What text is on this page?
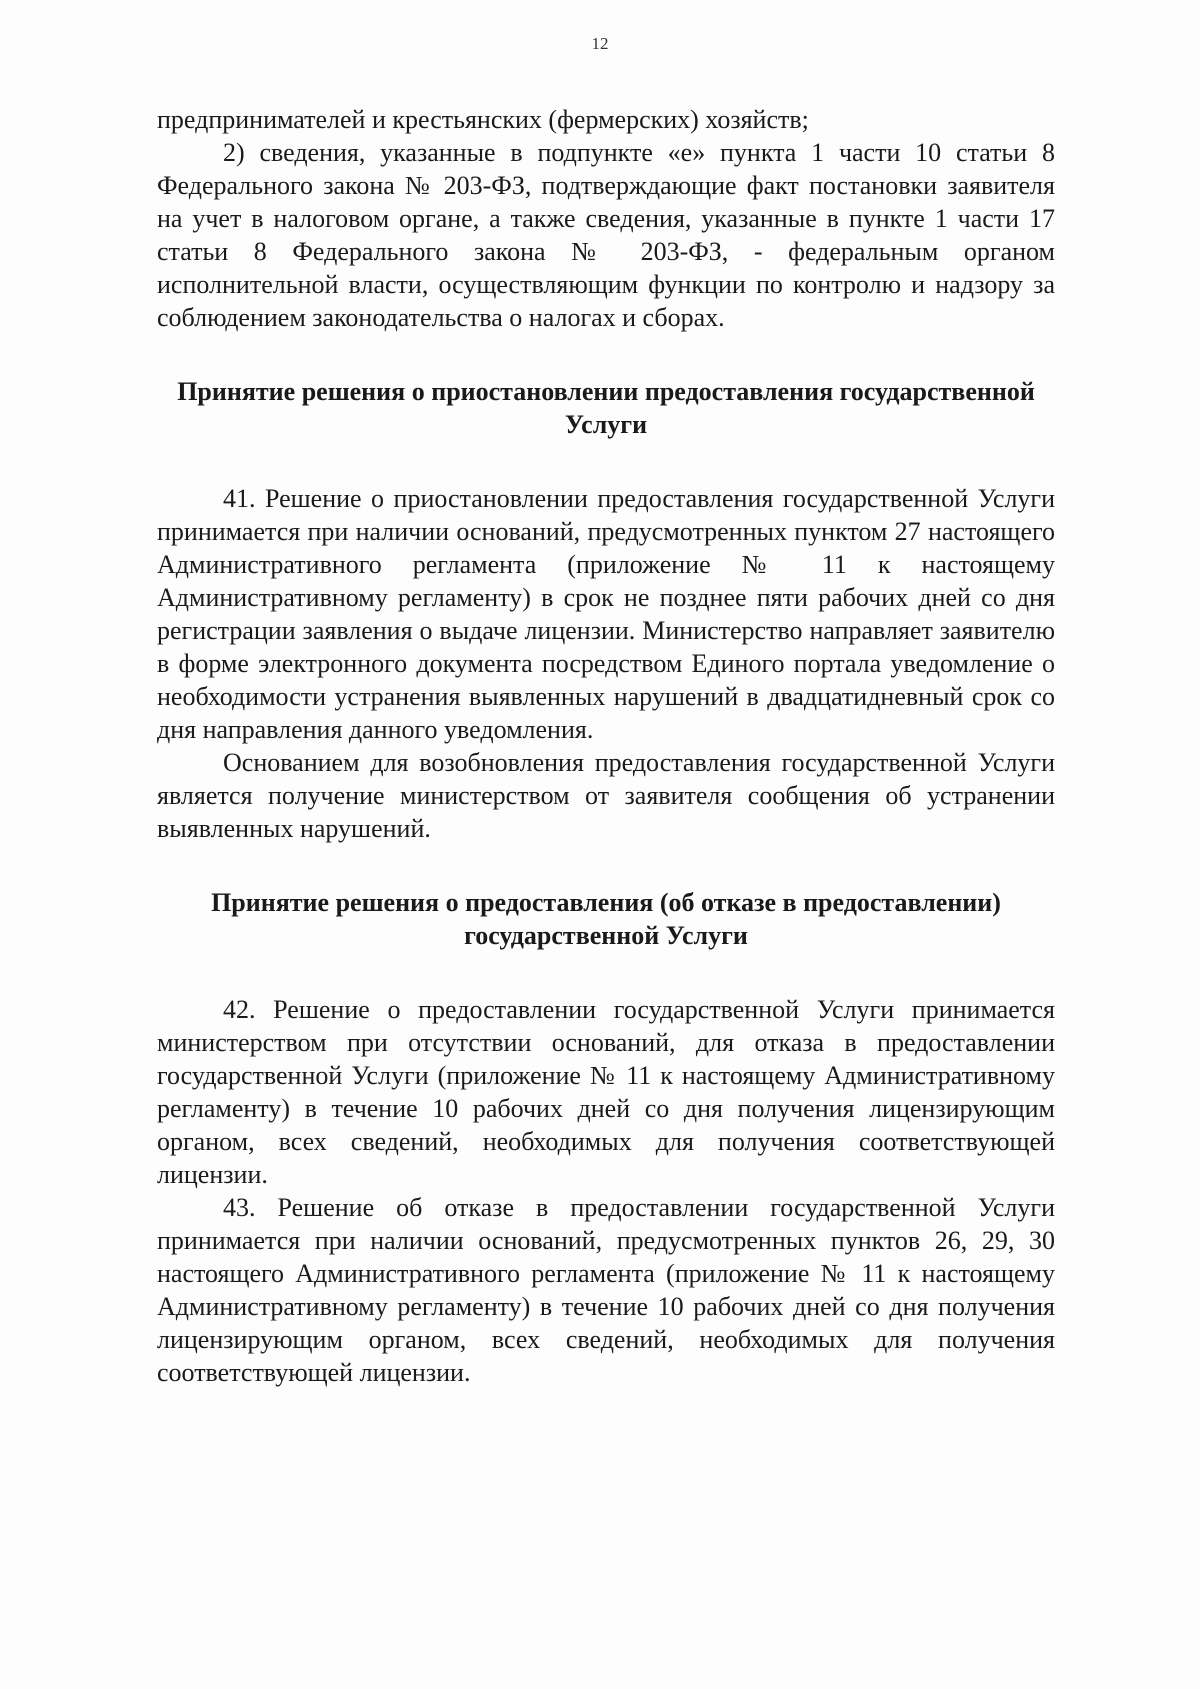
12

предпринимателей и крестьянских (фермерских) хозяйств;

2) сведения, указанные в подпункте «е» пункта 1 части 10 статьи 8 Федерального закона № 203-ФЗ, подтверждающие факт постановки заявителя на учет в налоговом органе, а также сведения, указанные в пункте 1 части 17 статьи 8 Федерального закона № 203-ФЗ, - федеральным органом исполнительной власти, осуществляющим функции по контролю и надзору за соблюдением законодательства о налогах и сборах.

Принятие решения о приостановлении предоставления государственной

Услуги

41. Решение о приостановлении предоставления государственной Услуги принимается при наличии оснований, предусмотренных пунктом 27 настоящего Административного регламента (приложение № 11 к настоящему Административному регламенту) в срок не позднее пяти рабочих дней со дня регистрации заявления о выдаче лицензии. Министерство направляет заявителю в форме электронного документа посредством Единого портала уведомление о необходимости устранения выявленных нарушений в двадцатидневный срок со дня направления данного уведомления.

Основанием для возобновления предоставления государственной Услуги является получение министерством от заявителя сообщения об устранении выявленных нарушений.

Принятие решения о предоставления (об отказе в предоставлении)

государственной Услуги

42. Решение о предоставлении государственной Услуги принимается министерством при отсутствии оснований, для отказа в предоставлении государственной Услуги (приложение № 11 к настоящему Административному регламенту) в течение 10 рабочих дней со дня получения лицензирующим органом, всех сведений, необходимых для получения соответствующей лицензии.

43. Решение об отказе в предоставлении государственной Услуги принимается при наличии оснований, предусмотренных пунктов 26, 29, 30 настоящего Административного регламента (приложение № 11 к настоящему Административному регламенту) в течение 10 рабочих дней со дня получения лицензирующим органом, всех сведений, необходимых для получения соответствующей лицензии.
